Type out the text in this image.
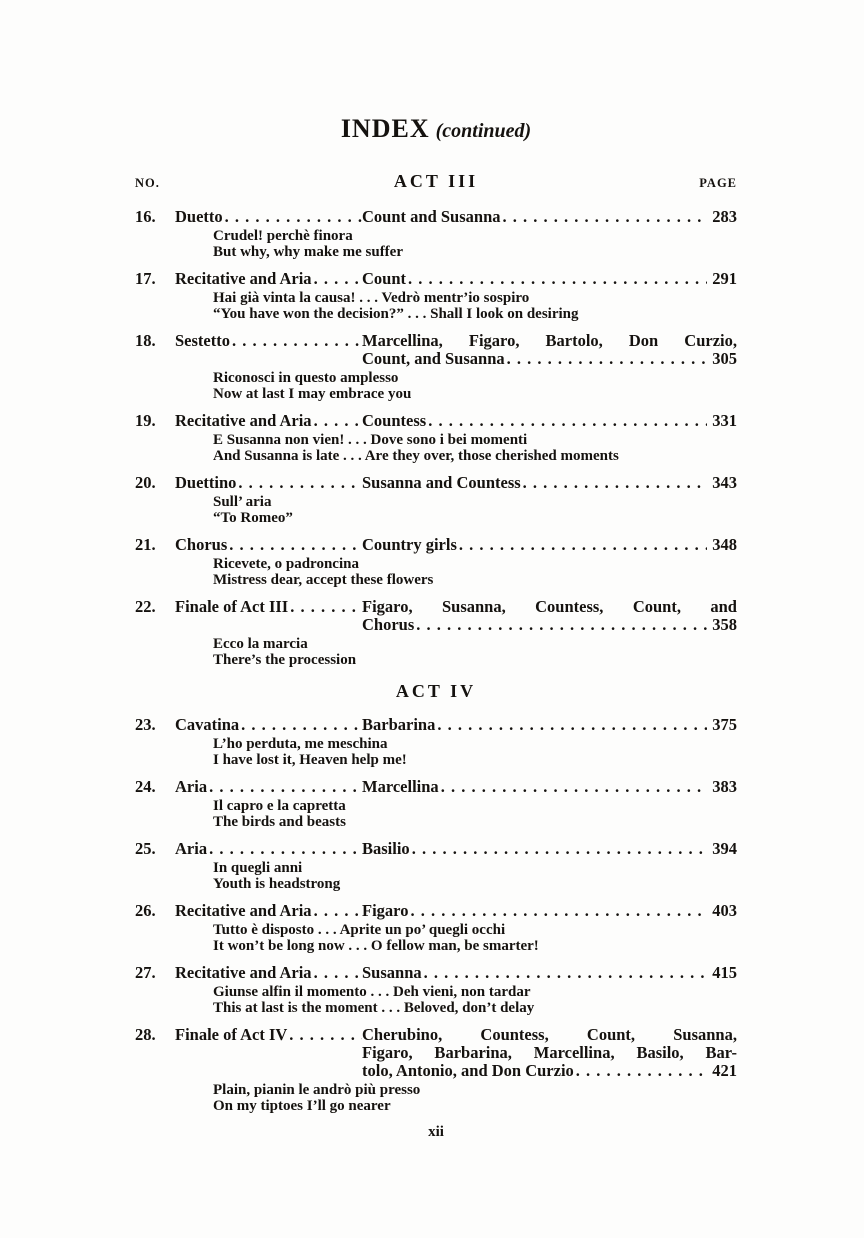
INDEX (continued)
NO.	ACT III	PAGE
16.	Duetto . . .	Count and Susanna . . .	283
Crudel! perchè finora
But why, why make me suffer
17.	Recitative and Aria . . .	Count . . .	291
Hai già vinta la causa! . . . Vedrò mentr’io sospiro
“You have won the decision?” . . . Shall I look on desiring
18.	Sestetto . . .	Marcellina, Figaro, Bartolo, Don Curzio,
Count, and Susanna . . .	305
Riconosci in questo amplesso
Now at last I may embrace you
19.	Recitative and Aria . . .	Countess . . .	331
E Susanna non vien! . . . Dove sono i bei momenti
And Susanna is late . . . Are they over, those cherished moments
20.	Duettino . . .	Susanna and Countess . . .	343
Sull’ aria
“To Romeo”
21.	Chorus . . .	Country girls . . .	348
Ricevete, o padroncina
Mistress dear, accept these flowers
22.	Finale of Act III . . .	Figaro, Susanna, Countess, Count, and
Chorus . . .	358
Ecco la marcia
There’s the procession
ACT IV
23.	Cavatina . . .	Barbarina . . .	375
L’ho perduta, me meschina
I have lost it, Heaven help me!
24.	Aria . . .	Marcellina . . .	383
Il capro e la capretta
The birds and beasts
25.	Aria . . .	Basilio . . .	394
In quegli anni
Youth is headstrong
26.	Recitative and Aria . . .	Figaro . . .	403
Tutto è disposto . . . Aprite un po’ quegli occhi
It won’t be long now . . . O fellow man, be smarter!
27.	Recitative and Aria . . .	Susanna . . .	415
Giunse alfin il momento . . . Deh vieni, non tardar
This at last is the moment . . . Beloved, don’t delay
28.	Finale of Act IV . . .	Cherubino, Countess, Count, Susanna,
Figaro, Barbarina, Marcellina, Basilo, Bar-
tolo, Antonio, and Don Curzio . . .	421
Plain, pianin le andrò più presso
On my tiptoes I’ll go nearer
xii
